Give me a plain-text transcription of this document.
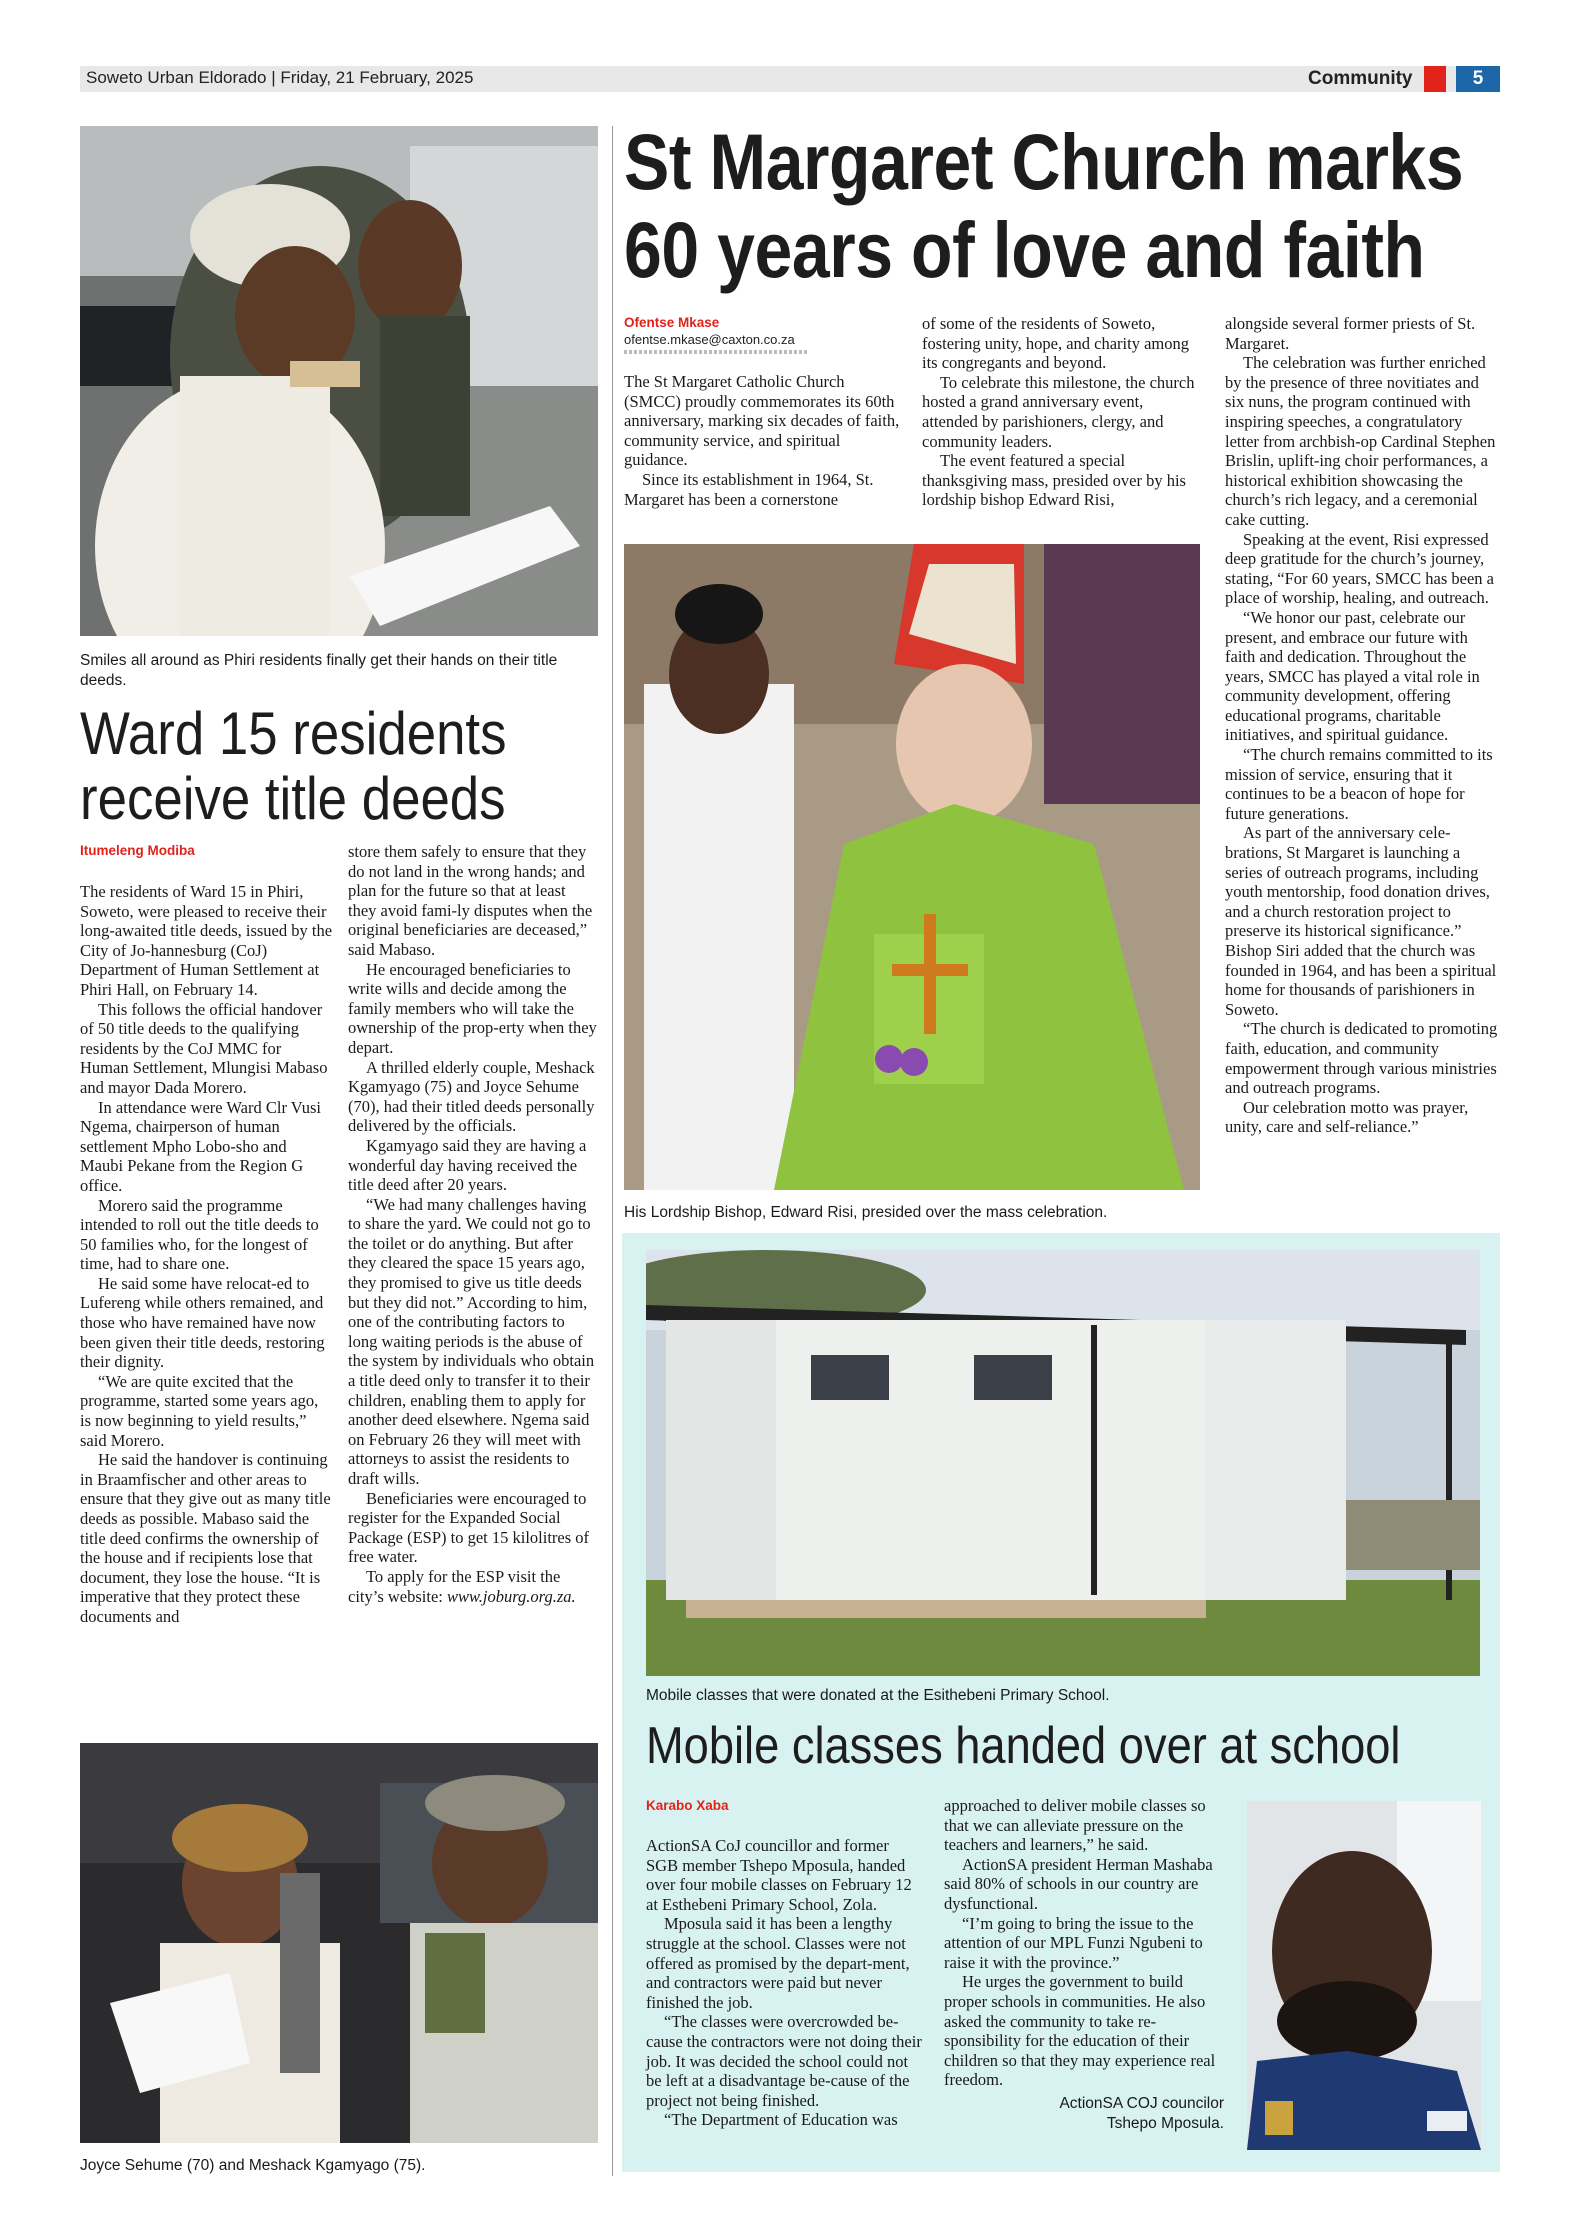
Soweto Urban Eldorado | Friday, 21 February, 2025	Community	5
Smiles all around as Phiri residents finally get their hands on their title deeds.
Ward 15 residents
receive title deeds
Itumeleng Modiba

The residents of Ward 15 in Phiri, Soweto, were pleased to receive their long-awaited title deeds, issued by the City of Jo-hannesburg (CoJ) Department of Human Settlement at Phiri Hall, on February 14.

This follows the official handover of 50 title deeds to the qualifying residents by the CoJ MMC for Human Settlement, Mlungisi Mabaso and mayor Dada Morero.

In attendance were Ward Clr Vusi Ngema, chairperson of human settlement Mpho Lobo-sho and Maubi Pekane from the Region G office.

Morero said the programme intended to roll out the title deeds to 50 families who, for the longest of time, had to share one.

He said some have relocat-ed to Lufereng while others remained, and those who have remained have now been given their title deeds, restoring their dignity.

“We are quite excited that the programme, started some years ago, is now beginning to yield results,” said Morero.

He said the handover is continuing in Braamfischer and other areas to ensure that they give out as many title deeds as possible. Mabaso said the title deed confirms the ownership of the house and if recipients lose that document, they lose the house. “It is imperative that they protect these documents and

store them safely to ensure that they do not land in the wrong hands; and plan for the future so that at least they avoid fami-ly disputes when the original beneficiaries are deceased,” said Mabaso.

He encouraged beneficiaries to write wills and decide among the family members who will take the ownership of the prop-erty when they depart.

A thrilled elderly couple, Meshack Kgamyago (75) and Joyce Sehume (70), had their titled deeds personally delivered by the officials.

Kgamyago said they are having a wonderful day having received the title deed after 20 years.

“We had many challenges having to share the yard. We could not go to the toilet or do anything. But after they cleared the space 15 years ago, they promised to give us title deeds but they did not.” According to him, one of the contributing factors to long waiting periods is the abuse of the system by individuals who obtain a title deed only to transfer it to their children, enabling them to apply for another deed elsewhere. Ngema said on February 26 they will meet with attorneys to assist the residents to draft wills.

Beneficiaries were encouraged to register for the Expanded Social Package (ESP) to get 15 kilolitres of free water.

To apply for the ESP visit the city’s website: www.joburg.org.za.

Joyce Sehume (70) and Meshack Kgamyago (75).
St Margaret Church marks
60 years of love and faith
Ofentse Mkase
ofentse.mkase@caxton.co.za

The St Margaret Catholic Church (SMCC) proudly commemorates its 60th anniversary, marking six decades of faith, community service, and spiritual guidance.

Since its establishment in 1964, St. Margaret has been a cornerstone

of some of the residents of Soweto, fostering unity, hope, and charity among its congregants and beyond.

To celebrate this milestone, the church hosted a grand anniversary event, attended by parishioners, clergy, and community leaders.

The event featured a special thanksgiving mass, presided over by his lordship bishop Edward Risi,

alongside several former priests of St. Margaret.

The celebration was further enriched by the presence of three novitiates and six nuns, the program continued with inspiring speeches, a congratulatory letter from archbish-op Cardinal Stephen Brislin, uplift-ing choir performances, a historical exhibition showcasing the church’s rich legacy, and a ceremonial cake cutting.

Speaking at the event, Risi expressed deep gratitude for the church’s journey, stating, “For 60 years, SMCC has been a place of worship, healing, and outreach.

“We honor our past, celebrate our present, and embrace our future with faith and dedication. Throughout the years, SMCC has played a vital role in community development, offering educational programs, charitable initiatives, and spiritual guidance.

“The church remains committed to its mission of service, ensuring that it continues to be a beacon of hope for future generations.

As part of the anniversary cele-brations, St Margaret is launching a series of outreach programs, including youth mentorship, food donation drives, and a church restoration project to preserve its historical significance.” Bishop Siri added that the church was founded in 1964, and has been a spiritual home for thousands of parishioners in Soweto.

“The church is dedicated to promoting faith, education, and community empowerment through various ministries and outreach programs.

Our celebration motto was prayer, unity, care and self-reliance.”

His Lordship Bishop, Edward Risi, presided over the mass celebration.
Mobile classes that were donated at the Esithebeni Primary School.
Mobile classes handed over at school
Karabo Xaba

ActionSA CoJ councillor and former SGB member Tshepo Mposula, handed over four mobile classes on February 12 at Esthebeni Primary School, Zola.

Mposula said it has been a lengthy struggle at the school. Classes were not offered as promised by the depart-ment, and contractors were paid but never finished the job.

“The classes were overcrowded be-cause the contractors were not doing their job. It was decided the school could not be left at a disadvantage be-cause of the project not being finished.

“The Department of Education was

approached to deliver mobile classes so that we can alleviate pressure on the teachers and learners,” he said.

ActionSA president Herman Mashaba said 80% of schools in our country are dysfunctional.

“I’m going to bring the issue to the attention of our MPL Funzi Ngubeni to raise it with the province.”

He urges the government to build proper schools in communities. He also asked the community to take re-sponsibility for the education of their children so that they may experience real freedom.

ActionSA COJ councilor
Tshepo Mposula.
